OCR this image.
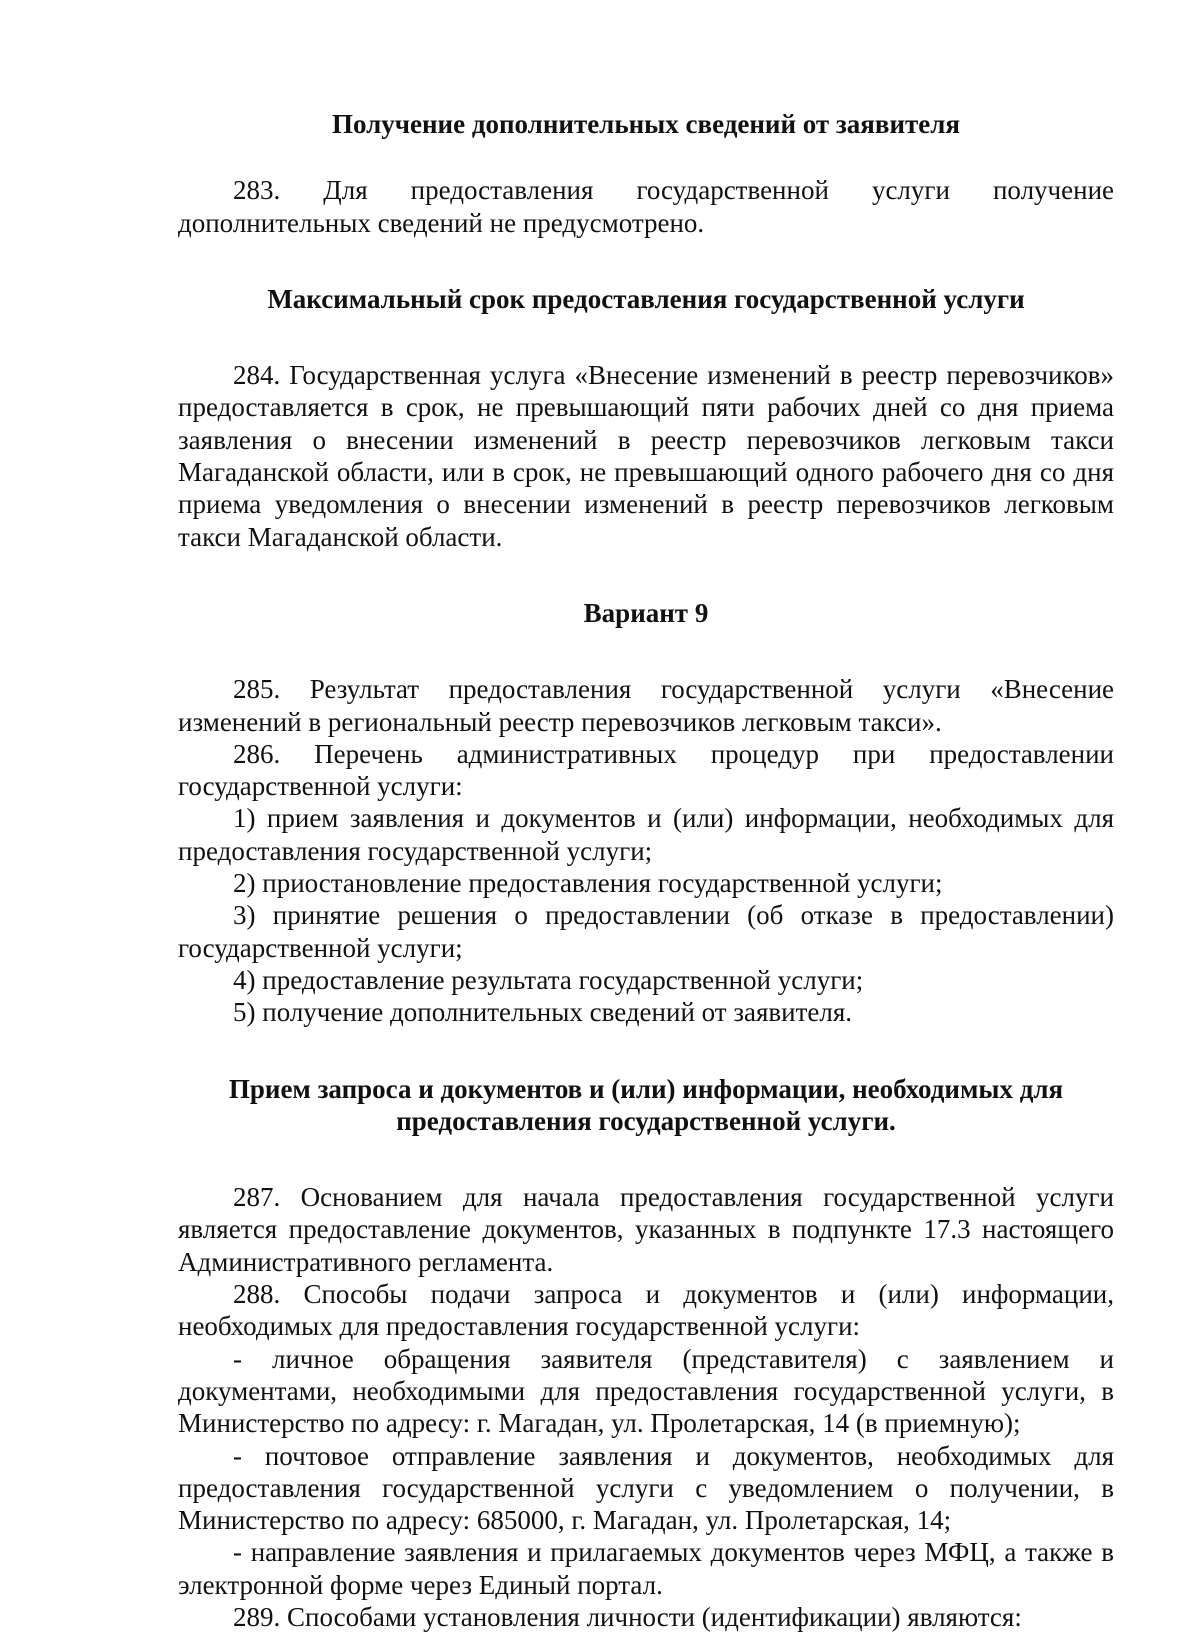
Получение дополнительных сведений от заявителя

283. Для предоставления государственной услуги получение дополнительных сведений не предусмотрено.

Максимальный срок предоставления государственной услуги

284. Государственная услуга «Внесение изменений в реестр перевозчиков» предоставляется в срок, не превышающий пяти рабочих дней со дня приема заявления о внесении изменений в реестр перевозчиков легковым такси Магаданской области, или в срок, не превышающий одного рабочего дня со дня приема уведомления о внесении изменений в реестр перевозчиков легковым такси Магаданской области.

Вариант 9

285. Результат предоставления государственной услуги «Внесение изменений в региональный реестр перевозчиков легковым такси».

286. Перечень административных процедур при предоставлении государственной услуги:

1) прием заявления и документов и (или) информации, необходимых для предоставления государственной услуги;

2) приостановление предоставления государственной услуги;

3) принятие решения о предоставлении (об отказе в предоставлении) государственной услуги;

4) предоставление результата государственной услуги;

5) получение дополнительных сведений от заявителя.

Прием запроса и документов и (или) информации, необходимых для

предоставления государственной услуги.

287. Основанием для начала предоставления государственной услуги является предоставление документов, указанных в подпункте 17.3 настоящего Административного регламента.

288. Способы подачи запроса и документов и (или) информации, необходимых для предоставления государственной услуги:

- личное обращения заявителя (представителя) с заявлением и документами, необходимыми для предоставления государственной услуги, в Министерство по адресу: г. Магадан, ул. Пролетарская, 14 (в приемную);

- почтовое отправление заявления и документов, необходимых для предоставления государственной услуги с уведомлением о получении, в Министерство по адресу: 685000, г. Магадан, ул. Пролетарская, 14;

- направление заявления и прилагаемых документов через МФЦ, а также в электронной форме через Единый портал.

289. Способами установления личности (идентификации) являются:
